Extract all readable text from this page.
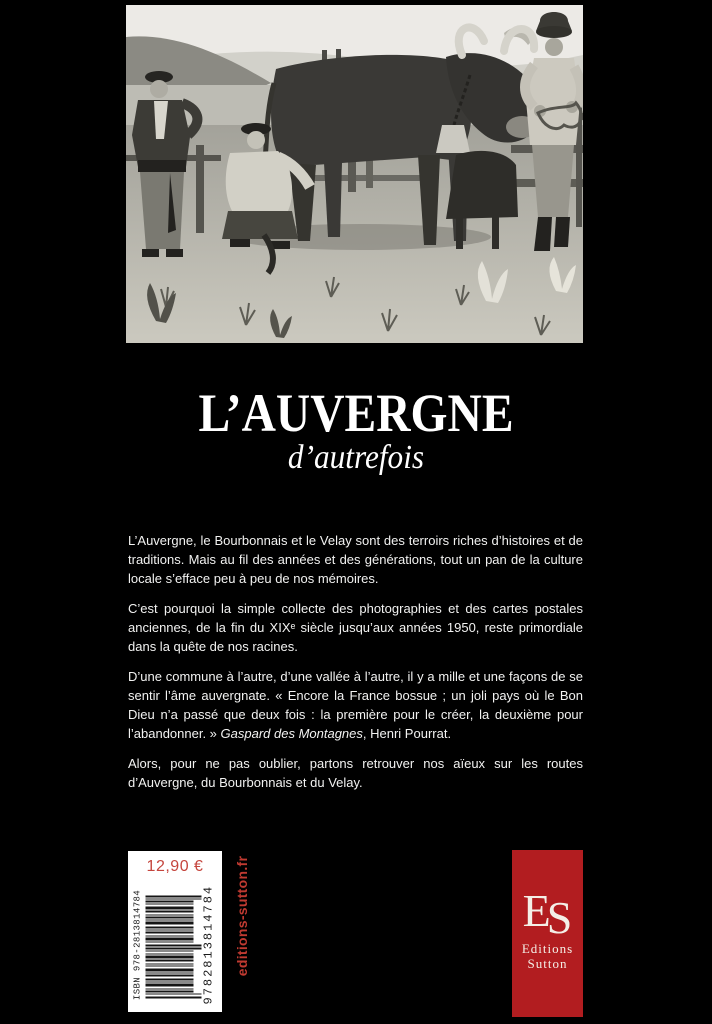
L’AUVERGNE
d’autrefois

L’Auvergne, le Bourbonnais et le Velay sont des terroirs riches d’histoires et de traditions. Mais au fil des années et des générations, tout un pan de la culture locale s’efface peu à peu de nos mémoires.

C’est pourquoi la simple collecte des photographies et des cartes postales anciennes, de la fin du XIXᵉ siècle jusqu’aux années 1950, reste primordiale dans la quête de nos racines.

D’une commune à l’autre, d’une vallée à l’autre, il y a mille et une façons de se sentir l’âme auvergnate. « Encore la France bossue ; un joli pays où le Bon Dieu n’a passé que deux fois : la première pour le créer, la deuxième pour l’abandonner. » Gaspard des Montagnes, Henri Pourrat.

Alors, pour ne pas oublier, partons retrouver nos aïeux sur les routes d’Auvergne, du Bourbonnais et du Velay.

12,90 €
ISBN 978-2813814784	9782813814784 editions-sutton.fr	ES
Editions
Sutton
